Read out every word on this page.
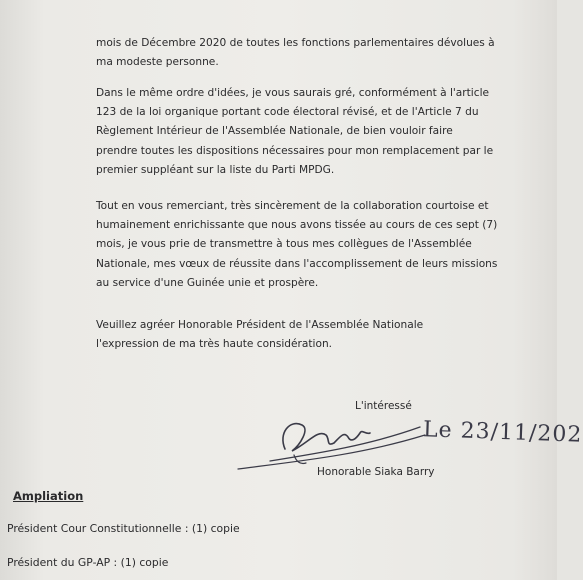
mois de Décembre 2020 de toutes les fonctions parlementaires dévolues à
ma modeste personne.
Dans le même ordre d'idées, je vous saurais gré, conformément à l'article
123 de la loi organique portant code électoral révisé, et de l'Article 7 du
Règlement Intérieur de l'Assemblée Nationale, de bien vouloir faire
prendre toutes les dispositions nécessaires pour mon remplacement par le
premier suppléant sur la liste du Parti MPDG.
Tout en vous remerciant, très sincèrement de la collaboration courtoise et
humainement enrichissante que nous avons tissée au cours de ces sept (7)
mois, je vous prie de transmettre à tous mes collègues de l'Assemblée
Nationale, mes vœux de réussite dans l'accomplissement de leurs missions
au service d'une Guinée unie et prospère.
Veuillez agréer Honorable Président de l'Assemblée Nationale
l'expression de ma très haute considération.
L'intéressé
Le 23/11/202
Honorable Siaka Barry
Ampliation
Président Cour Constitutionnelle : (1) copie
Président du GP-AP : (1) copie
